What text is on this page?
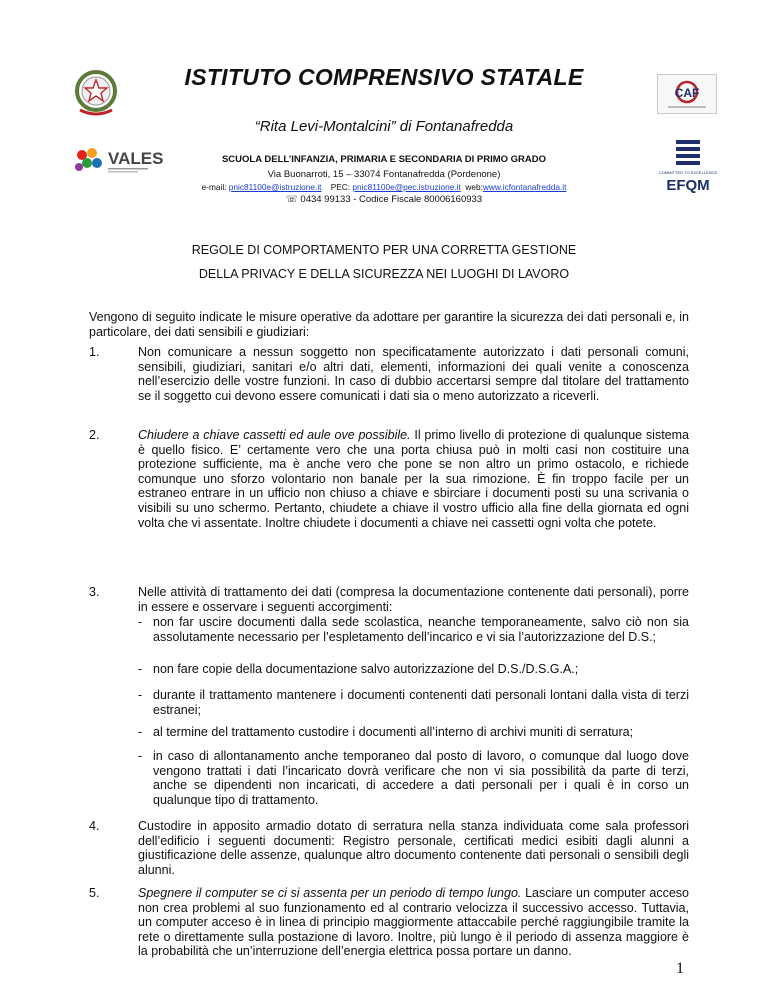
CAF
VALES
COMMITTED TO EXCELLENCE
EFQM
ISTITUTO COMPRENSIVO STATALE
“Rita Levi-Montalcini” di Fontanafredda
SCUOLA DELL’INFANZIA, PRIMARIA E SECONDARIA DI PRIMO GRADO
Via Buonarroti, 15 – 33074 Fontanafredda (Pordenone)
e-mail: pnic81100e@istruzione.it PEC: pnic81100e@pec.istruzione.it web:www.icfontanafredda.it
☏ 0434 99133 - Codice Fiscale 80006160933
REGOLE DI COMPORTAMENTO PER UNA CORRETTA GESTIONE
DELLA PRIVACY E DELLA SICUREZZA NEI LUOGHI DI LAVORO
Vengono di seguito indicate le misure operative da adottare per garantire la sicurezza dei dati personali e, in particolare, dei dati sensibili e giudiziari:
1.	Non comunicare a nessun soggetto non specificatamente autorizzato i dati personali comuni, sensibili, giudiziari, sanitari e/o altri dati, elementi, informazioni dei quali venite a conoscenza nell’esercizio delle vostre funzioni. In caso di dubbio accertarsi sempre dal titolare del trattamento se il soggetto cui devono essere comunicati i dati sia o meno autorizzato a riceverli.
2.	Chiudere a chiave cassetti ed aule ove possibile. Il primo livello di protezione di qualunque sistema è quello fisico. E’ certamente vero che una porta chiusa può in molti casi non costituire una protezione sufficiente, ma è anche vero che pone se non altro un primo ostacolo, e richiede comunque uno sforzo volontario non banale per la sua rimozione. È fin troppo facile per un estraneo entrare in un ufficio non chiuso a chiave e sbirciare i documenti posti su una scrivania o visibili su uno schermo. Pertanto, chiudete a chiave il vostro ufficio alla fine della giornata ed ogni volta che vi assentate. Inoltre chiudete i documenti a chiave nei cassetti ogni volta che potete.
3.	Nelle attività di trattamento dei dati (compresa la documentazione contenente dati personali), porre in essere e osservare i seguenti accorgimenti:
- non far uscire documenti dalla sede scolastica, neanche temporaneamente, salvo ciò non sia assolutamente necessario per l’espletamento dell’incarico e vi sia l’autorizzazione del D.S.;
- non fare copie della documentazione salvo autorizzazione del D.S./D.S.G.A.;
- durante il trattamento mantenere i documenti contenenti dati personali lontani dalla vista di terzi estranei;
- al termine del trattamento custodire i documenti all’interno di archivi muniti di serratura;
- in caso di allontanamento anche temporaneo dal posto di lavoro, o comunque dal luogo dove vengono trattati i dati l’incaricato dovrà verificare che non vi sia possibilità da parte di terzi, anche se dipendenti non incaricati, di accedere a dati personali per i quali è in corso un qualunque tipo di trattamento.
4.	Custodire in apposito armadio dotato di serratura nella stanza individuata come sala professori dell’edificio i seguenti documenti: Registro personale, certificati medici esibiti dagli alunni a giustificazione delle assenze, qualunque altro documento contenente dati personali o sensibili degli alunni.
5.	Spegnere il computer se ci si assenta per un periodo di tempo lungo. Lasciare un computer acceso non crea problemi al suo funzionamento ed al contrario velocizza il successivo accesso. Tuttavia, un computer acceso è in linea di principio maggiormente attaccabile perché raggiungibile tramite la rete o direttamente sulla postazione di lavoro. Inoltre, più lungo è il periodo di assenza maggiore è la probabilità che un’interruzione dell’energia elettrica possa portare un danno.
1
